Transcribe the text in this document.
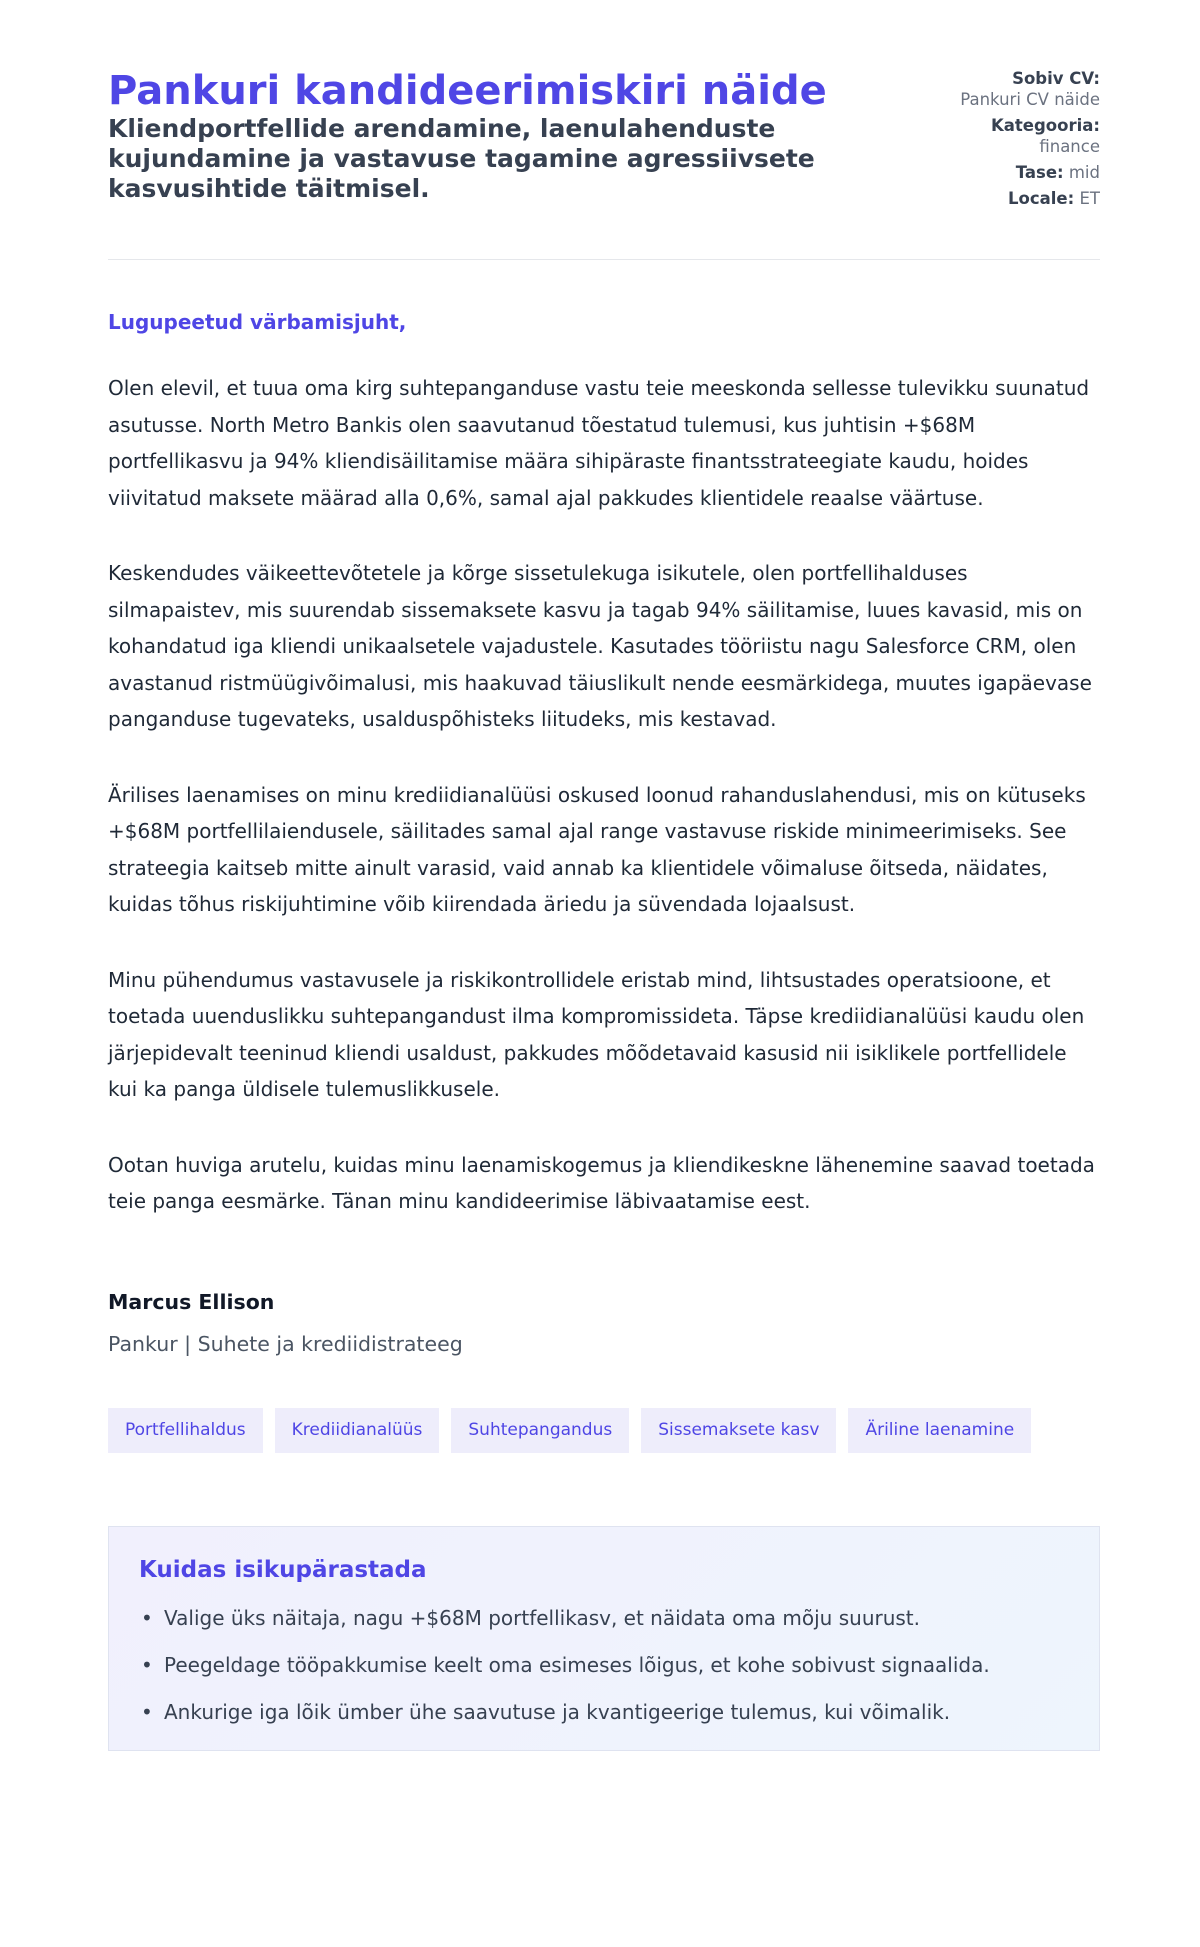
Pankuri kandideerimiskiri näide
Kliendportfellide arendamine, laenulahenduste kujundamine ja vastavuse tagamine agressiivsete kasvusihtide täitmisel.
Sobiv CV:
Pankuri CV näide
Kategooria:
finance
Tase: mid
Locale: ET
Lugupeetud värbamisjuht,

Olen elevil, et tuua oma kirg suhtepanganduse vastu teie meeskonda sellesse tulevikku suunatud asutusse. North Metro Bankis olen saavutanud tõestatud tulemusi, kus juhtisin +$68M portfellikasvu ja 94% kliendisäilitamise määra sihipäraste finantsstrateegiate kaudu, hoides viivitatud maksete määrad alla 0,6%, samal ajal pakkudes klientidele reaalse väärtuse.

Keskendudes väikeettevõtetele ja kõrge sissetulekuga isikutele, olen portfellihalduses silmapaistev, mis suurendab sissemaksete kasvu ja tagab 94% säilitamise, luues kavasid, mis on kohandatud iga kliendi unikaalsetele vajadustele. Kasutades tööriistu nagu Salesforce CRM, olen avastanud ristmüügivõimalusi, mis haakuvad täiuslikult nende eesmärkidega, muutes igapäevase panganduse tugevateks, usalduspõhisteks liitudeks, mis kestavad.

Ärilises laenamises on minu krediidianalüüsi oskused loonud rahanduslahendusi, mis on kütuseks +$68M portfellilaiendusele, säilitades samal ajal range vastavuse riskide minimeerimiseks. See strateegia kaitseb mitte ainult varasid, vaid annab ka klientidele võimaluse õitseda, näidates, kuidas tõhus riskijuhtimine võib kiirendada äriedu ja süvendada lojaalsust.

Minu pühendumus vastavusele ja riskikontrollidele eristab mind, lihtsustades operatsioone, et toetada uuenduslikku suhtepangandust ilma kompromissideta. Täpse krediidianalüüsi kaudu olen järjepidevalt teeninud kliendi usaldust, pakkudes mõõdetavaid kasusid nii isiklikele portfellidele kui ka panga üldisele tulemuslikkusele.

Ootan huviga arutelu, kuidas minu laenamiskogemus ja kliendikeskne lähenemine saavad toetada teie panga eesmärke. Tänan minu kandideerimise läbivaatamise eest.

Marcus Ellison
Pankur | Suhete ja krediidistrateeg
Portfellihaldus	Krediidianalüüs	Suhtepangandus	Sissemaksete kasv	Äriline laenamine
Kuidas isikupärastada
• Valige üks näitaja, nagu +$68M portfellikasv, et näidata oma mõju suurust.
• Peegeldage tööpakkumise keelt oma esimeses lõigus, et kohe sobivust signaalida.
• Ankurige iga lõik ümber ühe saavutuse ja kvantigeerige tulemus, kui võimalik.
